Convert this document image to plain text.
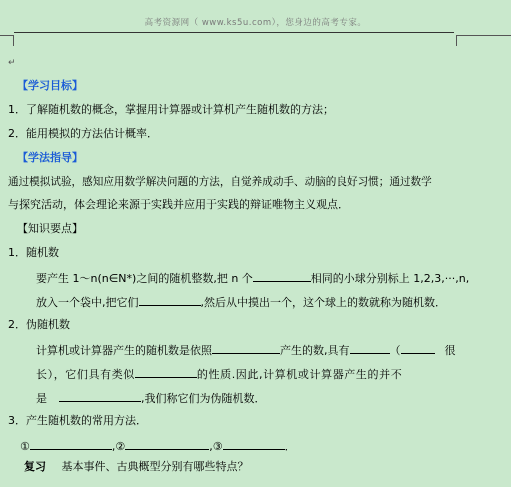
高考资源网（ www.ks5u.com），您身边的高考专家。
↵
【学习目标】
1．了解随机数的概念，掌握用计算器或计算机产生随机数的方法；
2．能用模拟的方法估计概率．
【学法指导】
通过模拟试验，感知应用数学解决问题的方法，自觉养成动手、动脑的良好习惯；通过数学
与探究活动，体会理论来源于实践并应用于实践的辩证唯物主义观点．
【知识要点】
1．随机数
要产生 1～n(n∈N*)之间的随机整数,把 n 个	相同的小球分别标上 1,2,3,···,n,
放入一个袋中,把它们	,然后从中摸出一个，这个球上的数就称为随机数．
2．伪随机数
计算机或计算器产生的随机数是依照	产生的数,具有	（	很
长），它们具有类似	的性质.因此,计算机或计算器产生的并不
是	,我们称它们为伪随机数．
3．产生随机数的常用方法．
①	,②	,③	．
复习 基本事件、古典概型分别有哪些特点？
